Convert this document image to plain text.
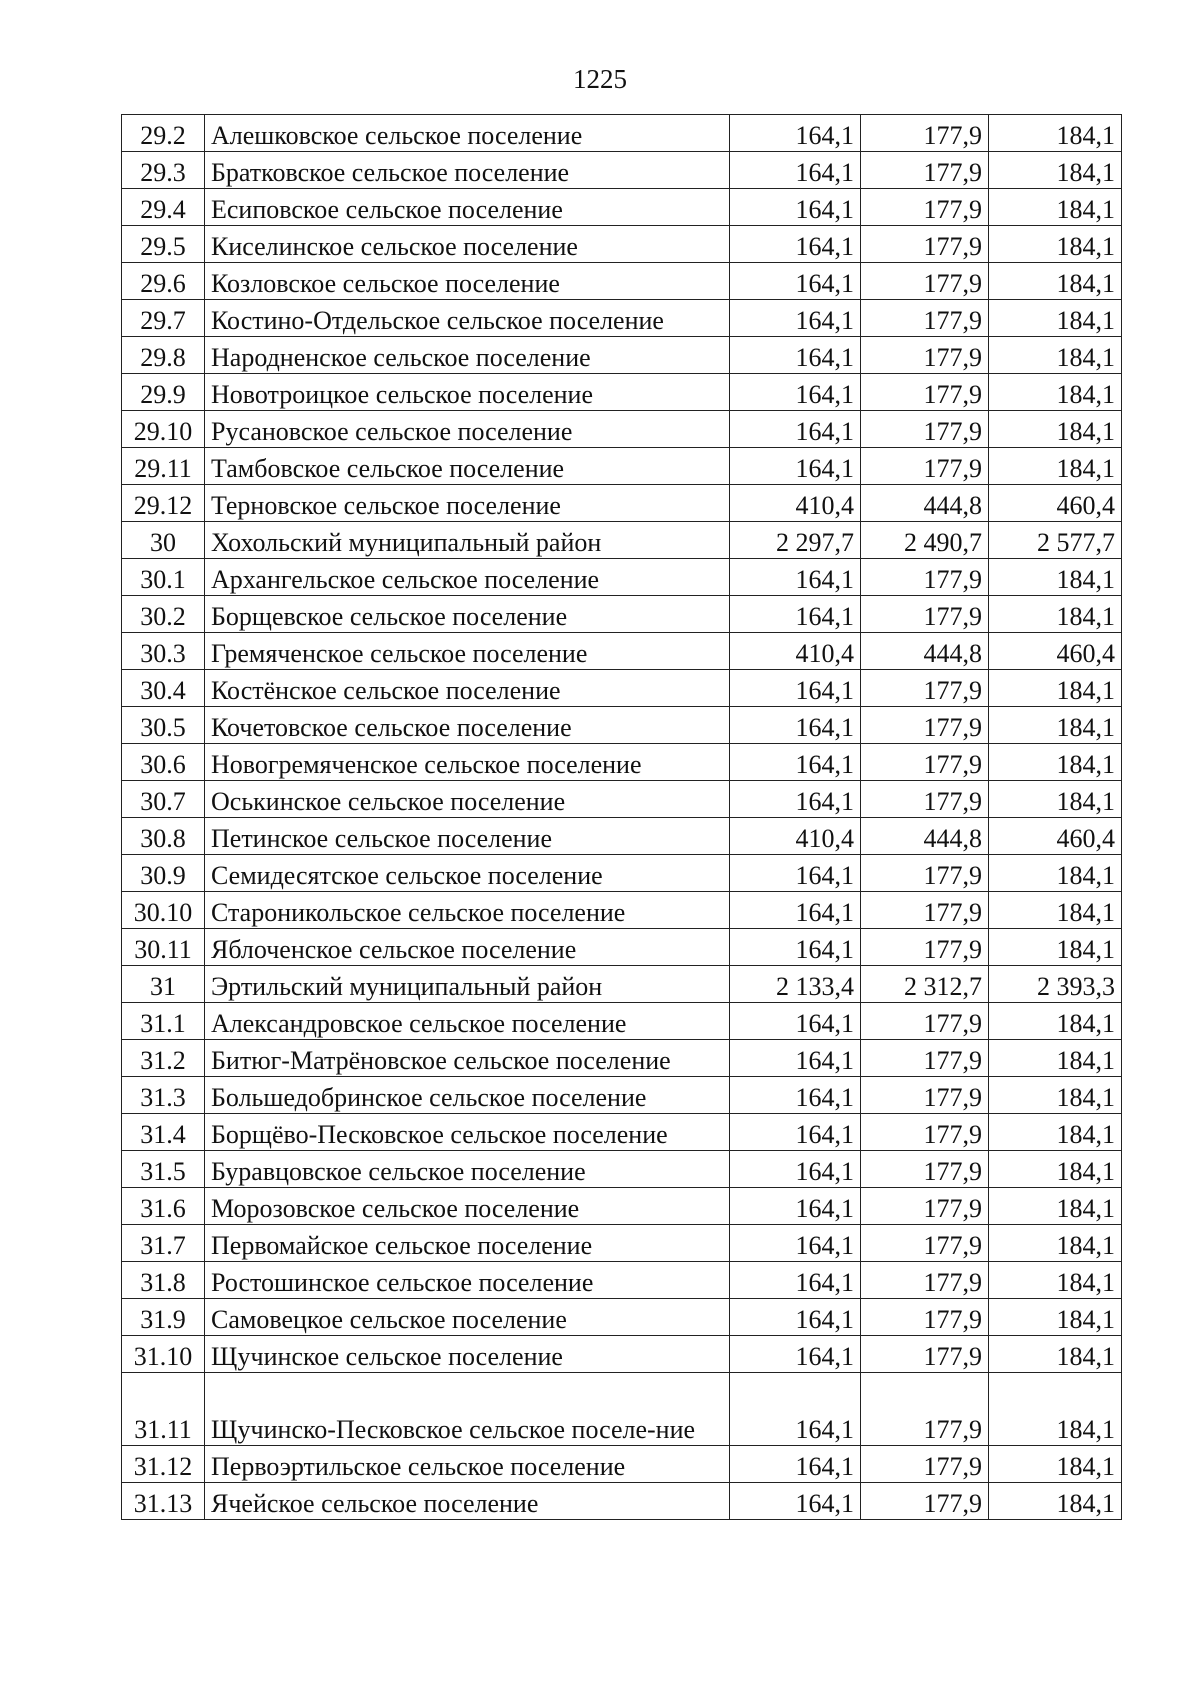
1225
29.2	Алешковское сельское поселение	164,1	177,9	184,1
29.3	Братковское сельское поселение	164,1	177,9	184,1
29.4	Есиповское сельское поселение	164,1	177,9	184,1
29.5	Киселинское сельское поселение	164,1	177,9	184,1
29.6	Козловское сельское поселение	164,1	177,9	184,1
29.7	Костино-Отдельское сельское поселение	164,1	177,9	184,1
29.8	Народненское сельское поселение	164,1	177,9	184,1
29.9	Новотроицкое сельское поселение	164,1	177,9	184,1
29.10	Русановское сельское поселение	164,1	177,9	184,1
29.11	Тамбовское сельское поселение	164,1	177,9	184,1
29.12	Терновское сельское поселение	410,4	444,8	460,4
30	Хохольский муниципальный район	2 297,7	2 490,7	2 577,7
30.1	Архангельское сельское поселение	164,1	177,9	184,1
30.2	Борщевское сельское поселение	164,1	177,9	184,1
30.3	Гремяченское сельское поселение	410,4	444,8	460,4
30.4	Костёнское сельское поселение	164,1	177,9	184,1
30.5	Кочетовское сельское поселение	164,1	177,9	184,1
30.6	Новогремяченское сельское поселение	164,1	177,9	184,1
30.7	Оськинское сельское поселение	164,1	177,9	184,1
30.8	Петинское сельское поселение	410,4	444,8	460,4
30.9	Семидесятское сельское поселение	164,1	177,9	184,1
30.10	Староникольское сельское поселение	164,1	177,9	184,1
30.11	Яблоченское сельское поселение	164,1	177,9	184,1
31	Эртильский муниципальный район	2 133,4	2 312,7	2 393,3
31.1	Александровское сельское поселение	164,1	177,9	184,1
31.2	Битюг-Матрёновское сельское поселение	164,1	177,9	184,1
31.3	Большедобринское сельское поселение	164,1	177,9	184,1
31.4	Борщёво-Песковское сельское поселение	164,1	177,9	184,1
31.5	Буравцовское сельское поселение	164,1	177,9	184,1
31.6	Морозовское сельское поселение	164,1	177,9	184,1
31.7	Первомайское сельское поселение	164,1	177,9	184,1
31.8	Ростошинское сельское поселение	164,1	177,9	184,1
31.9	Самовецкое сельское поселение	164,1	177,9	184,1
31.10	Щучинское сельское поселение	164,1	177,9	184,1
31.11	Щучинско-Песковское сельское поселе-ние	164,1	177,9	184,1
31.12	Первоэртильское сельское поселение	164,1	177,9	184,1
31.13	Ячейское сельское поселение	164,1	177,9	184,1
